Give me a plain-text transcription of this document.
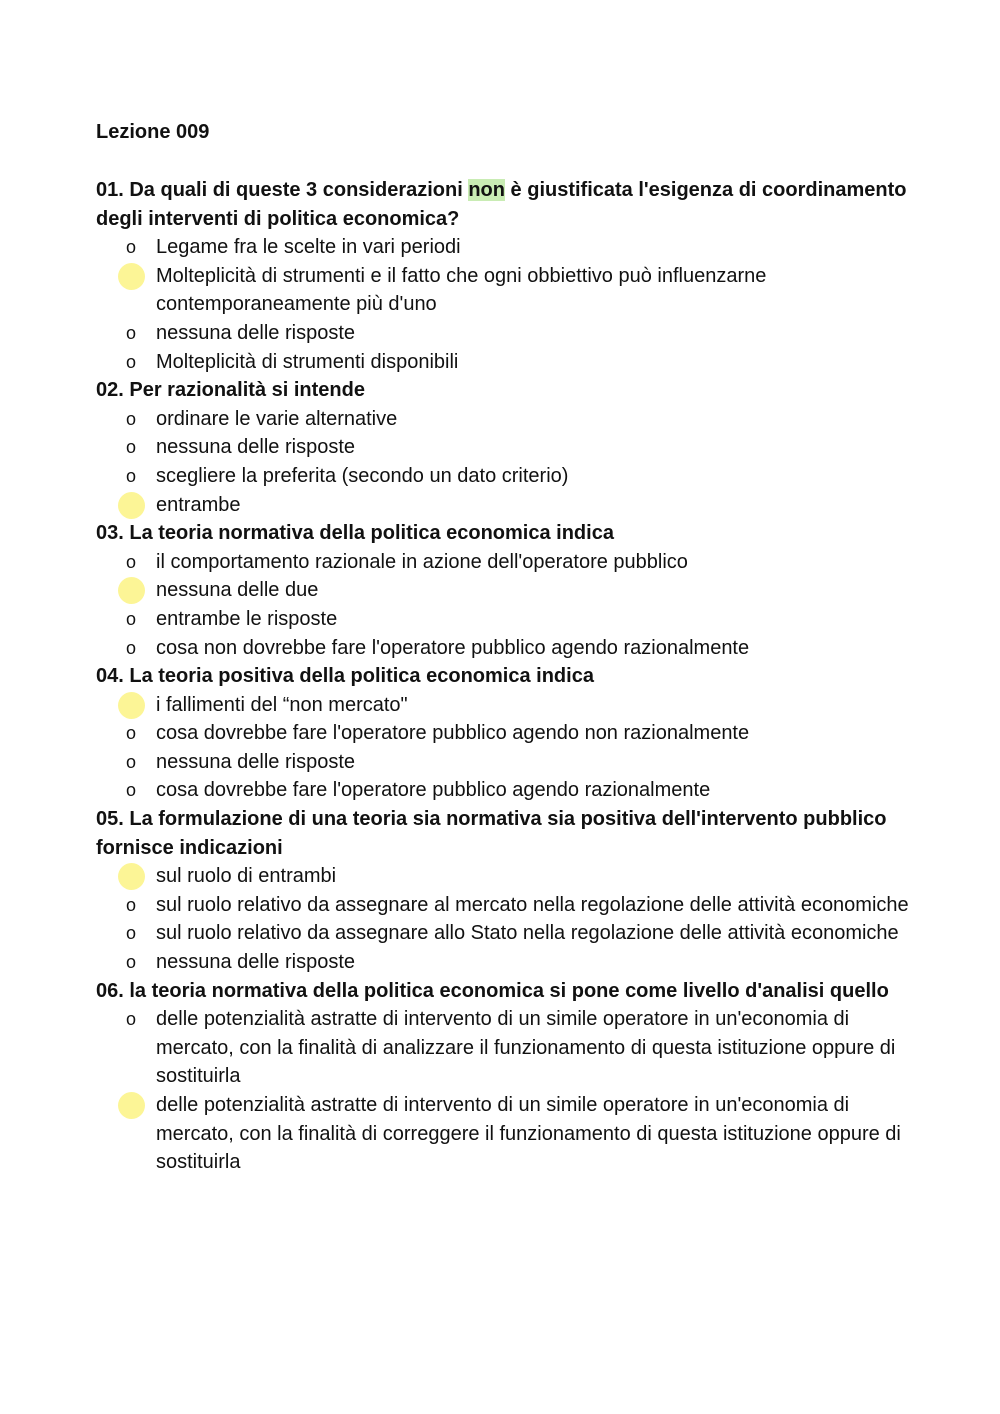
Lezione 009
01. Da quali di queste 3 considerazioni non è giustificata l'esigenza di coordinamento degli interventi di politica economica?
o Legame fra le scelte in vari periodi
Molteplicità di strumenti e il fatto che ogni obbiettivo può influenzarne contemporaneamente più d'uno
o nessuna delle risposte
o Molteplicità di strumenti disponibili
02. Per razionalità si intende
o ordinare le varie alternative
o nessuna delle risposte
o scegliere la preferita (secondo un dato criterio)
entrambe
03. La teoria normativa della politica economica indica
o il comportamento razionale in azione dell'operatore pubblico
nessuna delle due
o entrambe le risposte
o cosa non dovrebbe fare l'operatore pubblico agendo razionalmente
04. La teoria positiva della politica economica indica
i fallimenti del “non mercato"
o cosa dovrebbe fare l'operatore pubblico agendo non razionalmente
o nessuna delle risposte
o cosa dovrebbe fare l'operatore pubblico agendo razionalmente
05. La formulazione di una teoria sia normativa sia positiva dell'intervento pubblico fornisce indicazioni
sul ruolo di entrambi
o sul ruolo relativo da assegnare al mercato nella regolazione delle attività economiche
o sul ruolo relativo da assegnare allo Stato nella regolazione delle attività economiche
o nessuna delle risposte
06. la teoria normativa della politica economica si pone come livello d'analisi quello
o delle potenzialità astratte di intervento di un simile operatore in un'economia di mercato, con la finalità di analizzare il funzionamento di questa istituzione oppure di sostituirla
delle potenzialità astratte di intervento di un simile operatore in un'economia di mercato, con la finalità di correggere il funzionamento di questa istituzione oppure di sostituirla
